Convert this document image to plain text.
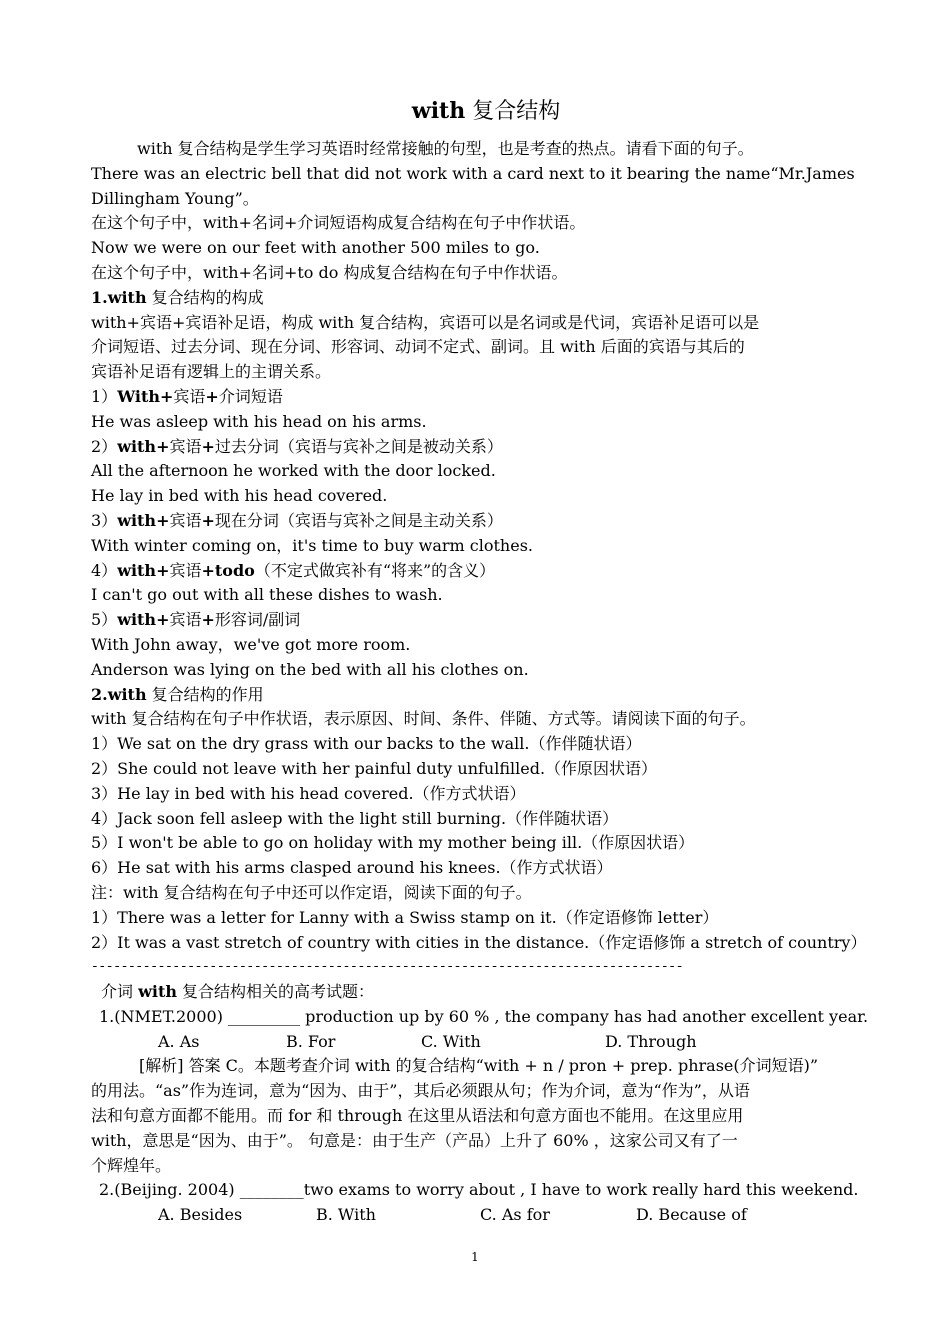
with 复合结构
with 复合结构是学生学习英语时经常接触的句型，也是考查的热点。请看下面的句子。
There was an electric bell that did not work with a card next to it bearing the name“Mr.James
Dillingham Young”。
在这个句子中，with+名词+介词短语构成复合结构在句子中作状语。
Now we were on our feet with another 500 miles to go.
在这个句子中，with+名词+to do 构成复合结构在句子中作状语。
1.with 复合结构的构成
with+宾语+宾语补足语，构成 with 复合结构，宾语可以是名词或是代词，宾语补足语可以是
介词短语、过去分词、现在分词、形容词、动词不定式、副词。且 with 后面的宾语与其后的
宾语补足语有逻辑上的主谓关系。
1）With+宾语+介词短语
He was asleep with his head on his arms.
2）with+宾语+过去分词（宾语与宾补之间是被动关系）
All the afternoon he worked with the door locked.
He lay in bed with his head covered.
3）with+宾语+现在分词（宾语与宾补之间是主动关系）
With winter coming on，it's time to buy warm clothes.
4）with+宾语+todo（不定式做宾补有“将来”的含义）
I can't go out with all these dishes to wash.
5）with+宾语+形容词/副词
With John away，we've got more room.
Anderson was lying on the bed with all his clothes on.
2.with 复合结构的作用
with 复合结构在句子中作状语，表示原因、时间、条件、伴随、方式等。请阅读下面的句子。
1）We sat on the dry grass with our backs to the wall.（作伴随状语）
2）She could not leave with her painful duty unfulfilled.（作原因状语）
3）He lay in bed with his head covered.（作方式状语）
4）Jack soon fell asleep with the light still burning.（作伴随状语）
5）I won't be able to go on holiday with my mother being ill.（作原因状语）
6）He sat with his arms clasped around his knees.（作方式状语）
注：with 复合结构在句子中还可以作定语，阅读下面的句子。
1）There was a letter for Lanny with a Swiss stamp on it.（作定语修饰 letter）
2）It was a vast stretch of country with cities in the distance.（作定语修饰 a stretch of country）
--------------------------------------------------------------------------------
介词 with 复合结构相关的高考试题：
1.(NMET.2000) _________ production up by 60 % , the company has had another excellent year.
A. As	B. For	C. With	D. Through
[解析] 答案 C。本题考查介词 with 的复合结构“with + n / pron + prep. phrase(介词短语)”
的用法。“as”作为连词，意为“因为、由于”，其后必须跟从句；作为介词，意为“作为”，从语
法和句意方面都不能用。而 for 和 through 在这里从语法和句意方面也不能用。在这里应用
with，意思是“因为、由于”。 句意是：由于生产（产品）上升了 60% ，这家公司又有了一
个辉煌年。
2.(Beijing. 2004) ________two exams to worry about , I have to work really hard this weekend.
A. Besides	B. With	C. As for	D. Because of
1
